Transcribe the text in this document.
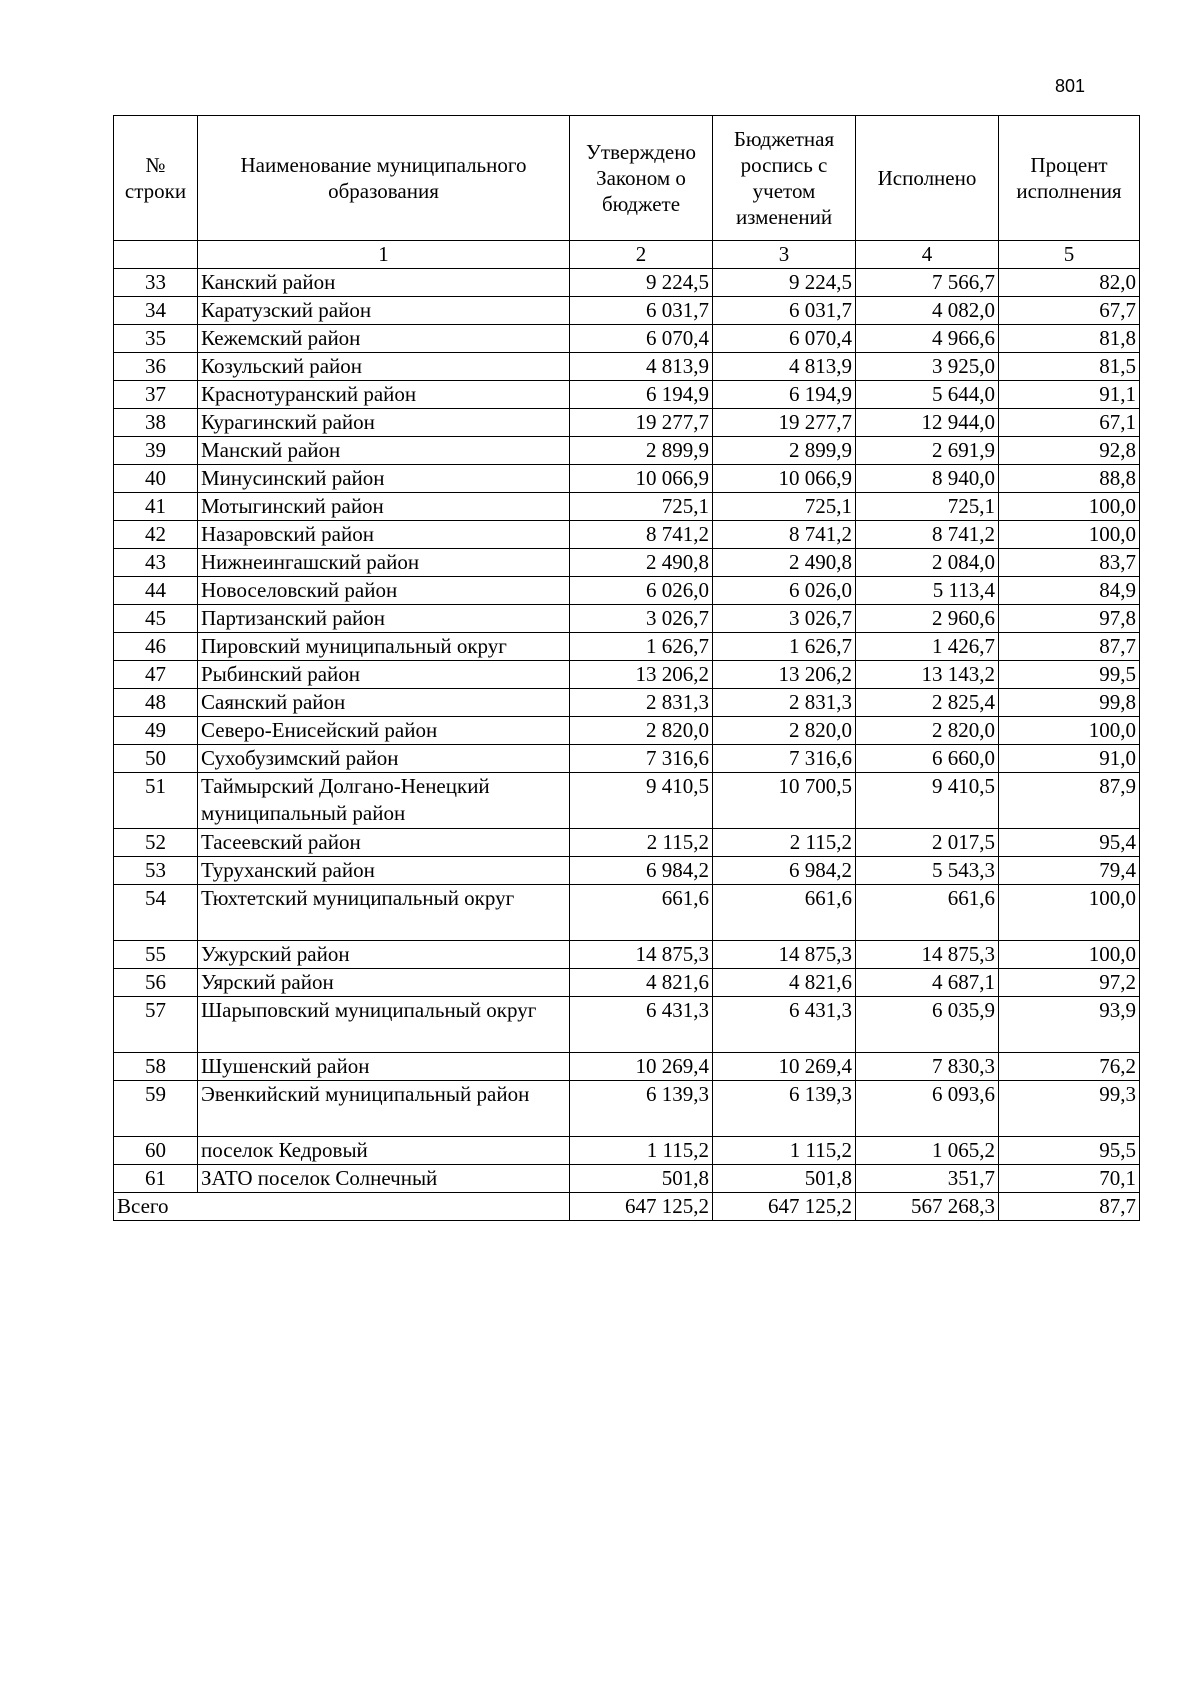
801
№ строки	Наименование муниципального образования	Утверждено Законом о бюджете	Бюджетная роспись с учетом изменений	Исполнено	Процент исполнения
	1	2	3	4	5
33	Канский район	9 224,5	9 224,5	7 566,7	82,0
34	Каратузский район	6 031,7	6 031,7	4 082,0	67,7
35	Кежемский район	6 070,4	6 070,4	4 966,6	81,8
36	Козульский район	4 813,9	4 813,9	3 925,0	81,5
37	Краснотуранский район	6 194,9	6 194,9	5 644,0	91,1
38	Курагинский район	19 277,7	19 277,7	12 944,0	67,1
39	Манский район	2 899,9	2 899,9	2 691,9	92,8
40	Минусинский район	10 066,9	10 066,9	8 940,0	88,8
41	Мотыгинский район	725,1	725,1	725,1	100,0
42	Назаровский район	8 741,2	8 741,2	8 741,2	100,0
43	Нижнеингашский район	2 490,8	2 490,8	2 084,0	83,7
44	Новоселовский район	6 026,0	6 026,0	5 113,4	84,9
45	Партизанский район	3 026,7	3 026,7	2 960,6	97,8
46	Пировский муниципальный округ	1 626,7	1 626,7	1 426,7	87,7
47	Рыбинский район	13 206,2	13 206,2	13 143,2	99,5
48	Саянский район	2 831,3	2 831,3	2 825,4	99,8
49	Северо-Енисейский район	2 820,0	2 820,0	2 820,0	100,0
50	Сухобузимский район	7 316,6	7 316,6	6 660,0	91,0
51	Таймырский Долгано-Ненецкий муниципальный район	9 410,5	10 700,5	9 410,5	87,9
52	Тасеевский район	2 115,2	2 115,2	2 017,5	95,4
53	Туруханский район	6 984,2	6 984,2	5 543,3	79,4
54	Тюхтетский муниципальный округ	661,6	661,6	661,6	100,0
55	Ужурский район	14 875,3	14 875,3	14 875,3	100,0
56	Уярский район	4 821,6	4 821,6	4 687,1	97,2
57	Шарыповский муниципальный округ	6 431,3	6 431,3	6 035,9	93,9
58	Шушенский район	10 269,4	10 269,4	7 830,3	76,2
59	Эвенкийский муниципальный район	6 139,3	6 139,3	6 093,6	99,3
60	поселок Кедровый	1 115,2	1 115,2	1 065,2	95,5
61	ЗАТО поселок Солнечный	501,8	501,8	351,7	70,1
Всего		647 125,2	647 125,2	567 268,3	87,7
